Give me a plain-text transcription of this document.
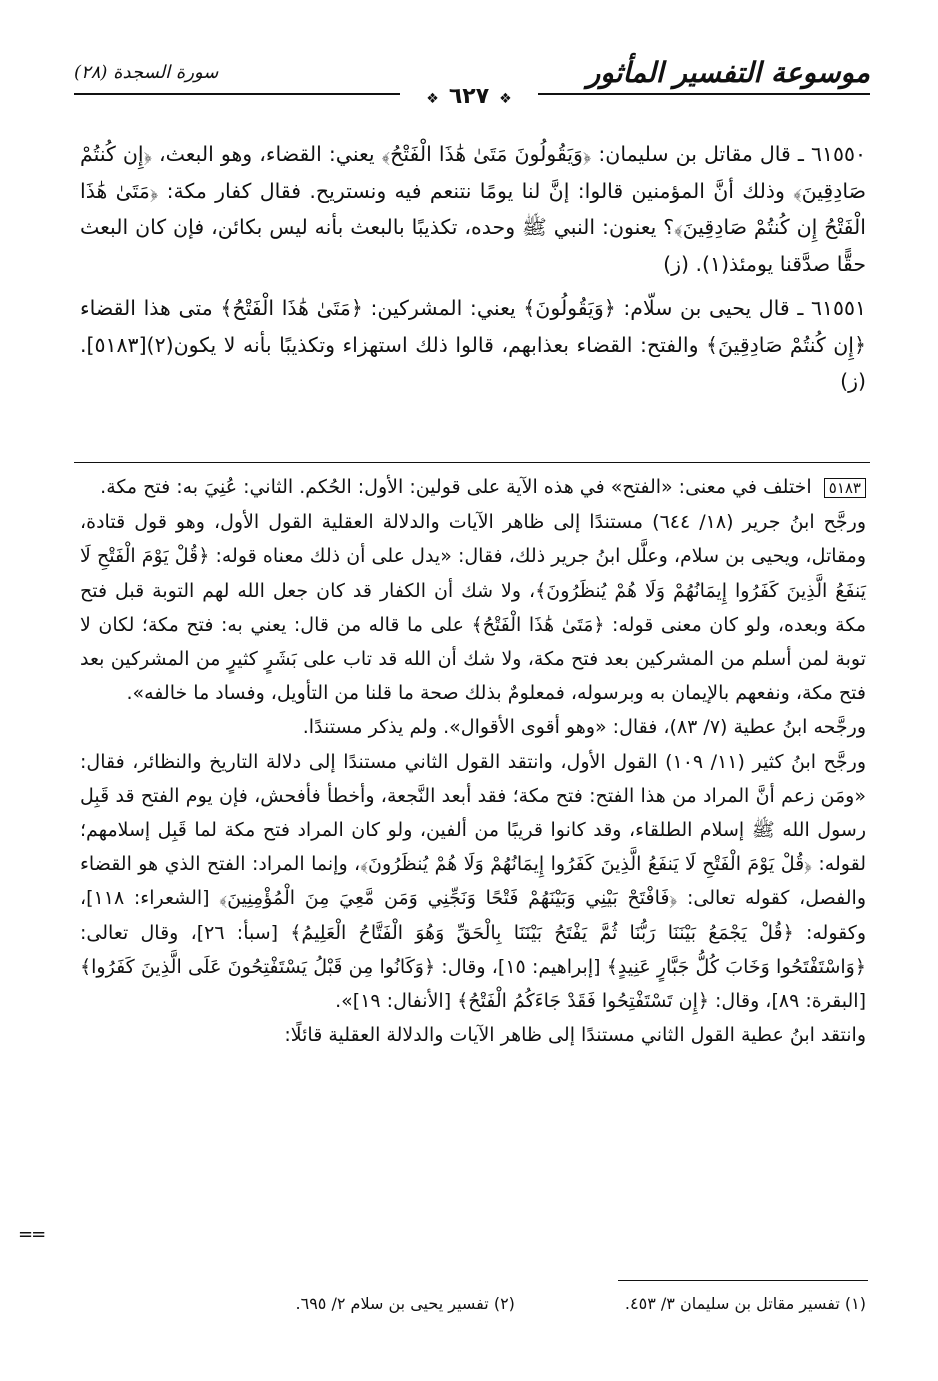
موسوعة التفسير المأثور
سورة السجدة (٢٨)
❖ ٦٢٧ ❖

٦١٥٥٠ ـ قال مقاتل بن سليمان: ﴿وَيَقُولُونَ مَتَىٰ هَٰذَا الْفَتْحُ﴾ يعني: القضاء، وهو البعث، ﴿إِن كُنتُمْ صَادِقِينَ﴾ وذلك أنَّ المؤمنين قالوا: إنَّ لنا يومًا نتنعم فيه ونستريح. فقال كفار مكة: ﴿مَتَىٰ هَٰذَا الْفَتْحُ إِن كُنتُمْ صَادِقِينَ﴾؟ يعنون: النبي ﷺ وحده، تكذيبًا بالبعث بأنه ليس بكائن، فإن كان البعث حقًّا صدَّقنا يومئذ(١). (ز)

٦١٥٥١ ـ قال يحيى بن سلّام: ﴿وَيَقُولُونَ﴾ يعني: المشركين: ﴿مَتَىٰ هَٰذَا الْفَتْحُ﴾ متى هذا القضاء ﴿إِن كُنتُمْ صَادِقِينَ﴾ والفتح: القضاء بعذابهم، قالوا ذلك استهزاء وتكذيبًا بأنه لا يكون(٢)[٥١٨٣]. (ز)

٥١٨٣ اختلف في معنى: «الفتح» في هذه الآية على قولين: الأول: الحُكم. الثاني: عُنِيَ به: فتح مكة.

ورجَّح ابنُ جرير (١٨/ ٦٤٤) مستندًا إلى ظاهر الآيات والدلالة العقلية القول الأول، وهو قول قتادة، ومقاتل، ويحيى بن سلام، وعلَّل ابنُ جرير ذلك، فقال: «يدل على أن ذلك معناه قوله: ﴿قُلْ يَوْمَ الْفَتْحِ لَا يَنفَعُ الَّذِينَ كَفَرُوا إِيمَانُهُمْ وَلَا هُمْ يُنظَرُونَ﴾، ولا شك أن الكفار قد كان جعل الله لهم التوبة قبل فتح مكة وبعده، ولو كان معنى قوله: ﴿مَتَىٰ هَٰذَا الْفَتْحُ﴾ على ما قاله من قال: يعني به: فتح مكة؛ لكان لا توبة لمن أسلم من المشركين بعد فتح مكة، ولا شك أن الله قد تاب على بَشَرٍ كثيرٍ من المشركين بعد فتح مكة، ونفعهم بالإيمان به وبرسوله، فمعلومٌ بذلك صحة ما قلنا من التأويل، وفساد ما خالفه».

ورجَّحه ابنُ عطية (٧/ ٨٣)، فقال: «وهو أقوى الأقوال». ولم يذكر مستندًا.

ورجَّح ابنُ كثير (١١/ ١٠٩) القول الأول، وانتقد القول الثاني مستندًا إلى دلالة التاريخ والنظائر، فقال: «ومَن زعم أنَّ المراد من هذا الفتح: فتح مكة؛ فقد أبعد النَّجعة، وأخطأ فأفحش، فإن يوم الفتح قد قَبِل رسول الله ﷺ إسلام الطلقاء، وقد كانوا قريبًا من ألفين، ولو كان المراد فتح مكة لما قَبِل إسلامهم؛ لقوله: ﴿قُلْ يَوْمَ الْفَتْحِ لَا يَنفَعُ الَّذِينَ كَفَرُوا إِيمَانُهُمْ وَلَا هُمْ يُنظَرُونَ﴾، وإنما المراد: الفتح الذي هو القضاء والفصل، كقوله تعالى: ﴿فَافْتَحْ بَيْنِي وَبَيْنَهُمْ فَتْحًا وَنَجِّنِي وَمَن مَّعِيَ مِنَ الْمُؤْمِنِينَ﴾ [الشعراء: ١١٨]، وكقوله: ﴿قُلْ يَجْمَعُ بَيْنَنَا رَبُّنَا ثُمَّ يَفْتَحُ بَيْنَنَا بِالْحَقِّ وَهُوَ الْفَتَّاحُ الْعَلِيمُ﴾ [سبأ: ٢٦]، وقال تعالى: ﴿وَاسْتَفْتَحُوا وَخَابَ كُلُّ جَبَّارٍ عَنِيدٍ﴾ [إبراهيم: ١٥]، وقال: ﴿وَكَانُوا مِن قَبْلُ يَسْتَفْتِحُونَ عَلَى الَّذِينَ كَفَرُوا﴾ [البقرة: ٨٩]، وقال: ﴿إِن تَسْتَفْتِحُوا فَقَدْ جَاءَكُمُ الْفَتْحُ﴾ [الأنفال: ١٩]».

وانتقد ابنُ عطية القول الثاني مستندًا إلى ظاهر الآيات والدلالة العقلية قائلًا:

==
(١) تفسير مقاتل بن سليمان ٣/ ٤٥٣.
(٢) تفسير يحيى بن سلام ٢/ ٦٩٥.
